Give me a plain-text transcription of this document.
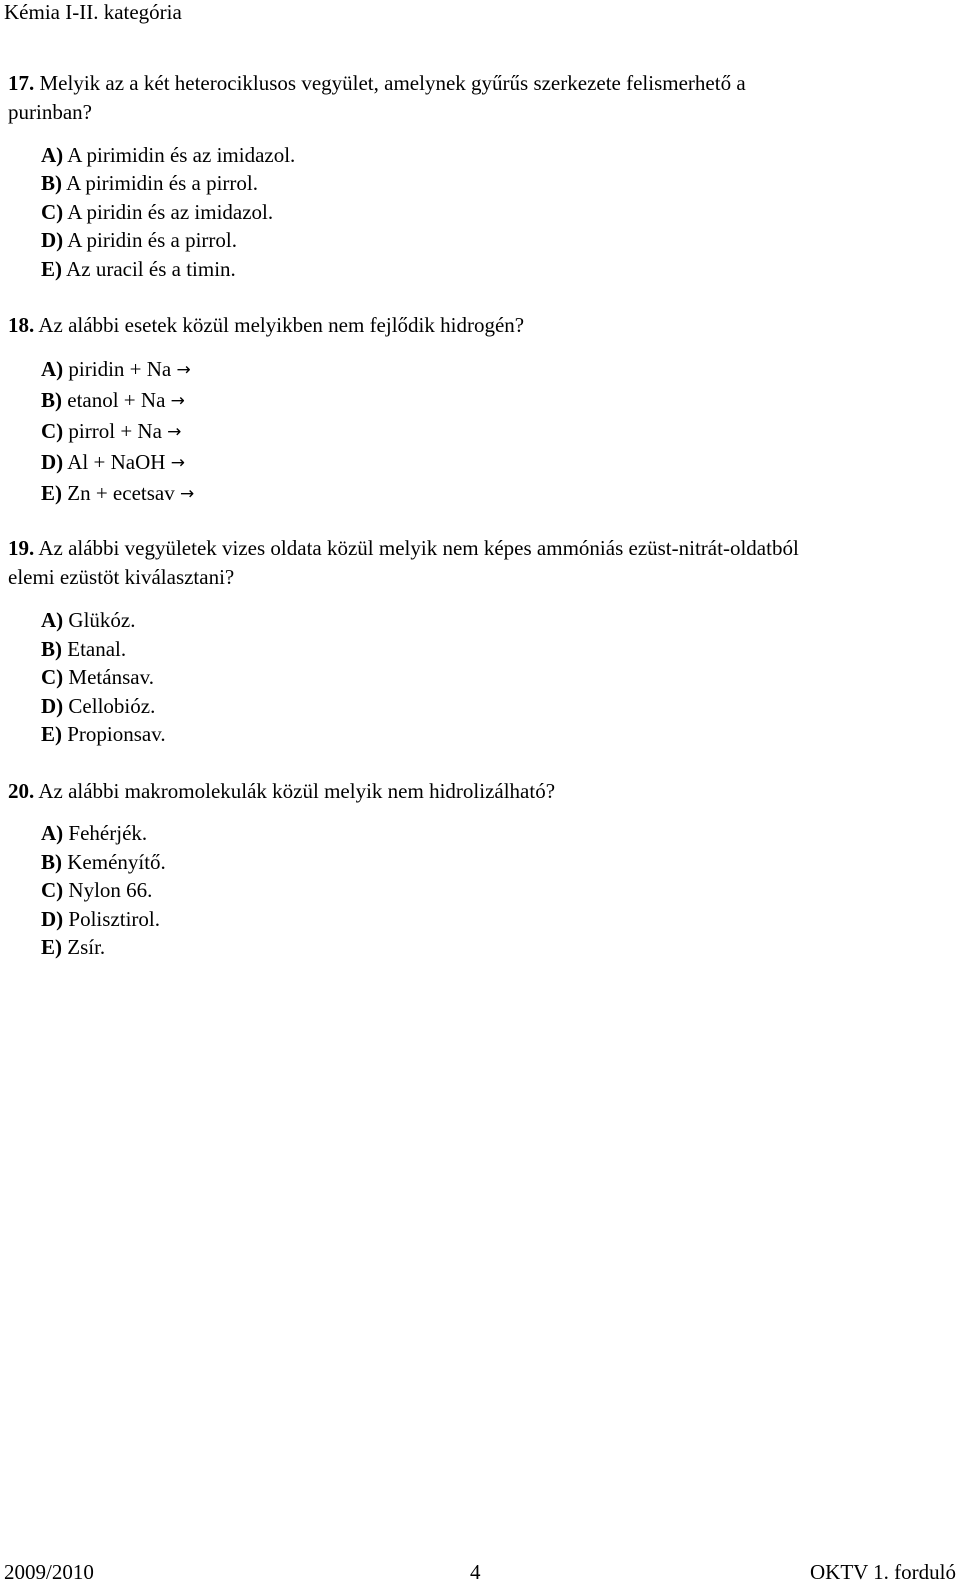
Kémia I-II. kategória
17. Melyik az a két heterociklusos vegyület, amelynek gyűrűs szerkezete felismerhető a
purinban?
A) A pirimidin és az imidazol.
B) A pirimidin és a pirrol.
C) A piridin és az imidazol.
D) A piridin és a pirrol.
E) Az uracil és a timin.
18. Az alábbi esetek közül melyikben nem fejlődik hidrogén?
A) piridin + Na →
B) etanol + Na →
C) pirrol + Na →
D) Al + NaOH →
E) Zn + ecetsav →
19. Az alábbi vegyületek vizes oldata közül melyik nem képes ammóniás ezüst-nitrát-oldatból
elemi ezüstöt kiválasztani?
A) Glükóz.
B) Etanal.
C) Metánsav.
D) Cellobióz.
E) Propionsav.
20. Az alábbi makromolekulák közül melyik nem hidrolizálható?
A) Fehérjék.
B) Keményítő.
C) Nylon 66.
D) Polisztirol.
E) Zsír.
2009/2010	4	OKTV 1. forduló
